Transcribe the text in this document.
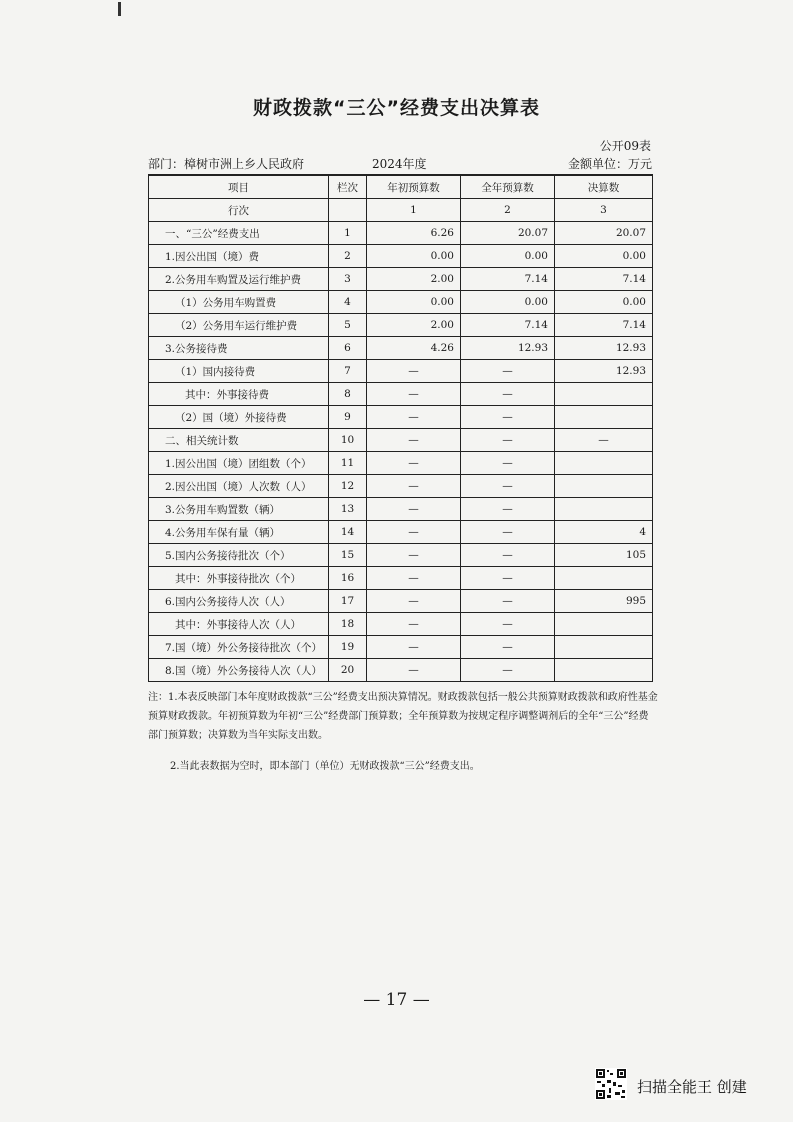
财政拨款“三公”经费支出决算表
公开09表
部门：樟树市洲上乡人民政府	2024年度	金额单位：万元
项目	栏次	年初预算数	全年预算数	决算数
行次		1	2	3
一、“三公”经费支出	1	6.26	20.07	20.07
1.因公出国（境）费	2	0.00	0.00	0.00
2.公务用车购置及运行维护费	3	2.00	7.14	7.14
（1）公务用车购置费	4	0.00	0.00	0.00
（2）公务用车运行维护费	5	2.00	7.14	7.14
3.公务接待费	6	4.26	12.93	12.93
（1）国内接待费	7	—	—	12.93
其中：外事接待费	8	—	—	
（2）国（境）外接待费	9	—	—	
二、相关统计数	10	—	—	—
1.因公出国（境）团组数（个）	11	—	—	
2.因公出国（境）人次数（人）	12	—	—	
3.公务用车购置数（辆）	13	—	—	
4.公务用车保有量（辆）	14	—	—	4
5.国内公务接待批次（个）	15	—	—	105
其中：外事接待批次（个）	16	—	—	
6.国内公务接待人次（人）	17	—	—	995
其中：外事接待人次（人）	18	—	—	
7.国（境）外公务接待批次（个）	19	—	—	
8.国（境）外公务接待人次（人）	20	—	—	

注：1.本表反映部门本年度财政拨款“三公”经费支出预决算情况。财政拨款包括一般公共预算财政拨款和政府性基金预算财政拨款。年初预算数为年初“三公”经费部门预算数；全年预算数为按规定程序调整调剂后的全年“三公”经费部门预算数；决算数为当年实际支出数。

2.当此表数据为空时，即本部门（单位）无财政拨款“三公”经费支出。

— 17 —
扫描全能王 创建
